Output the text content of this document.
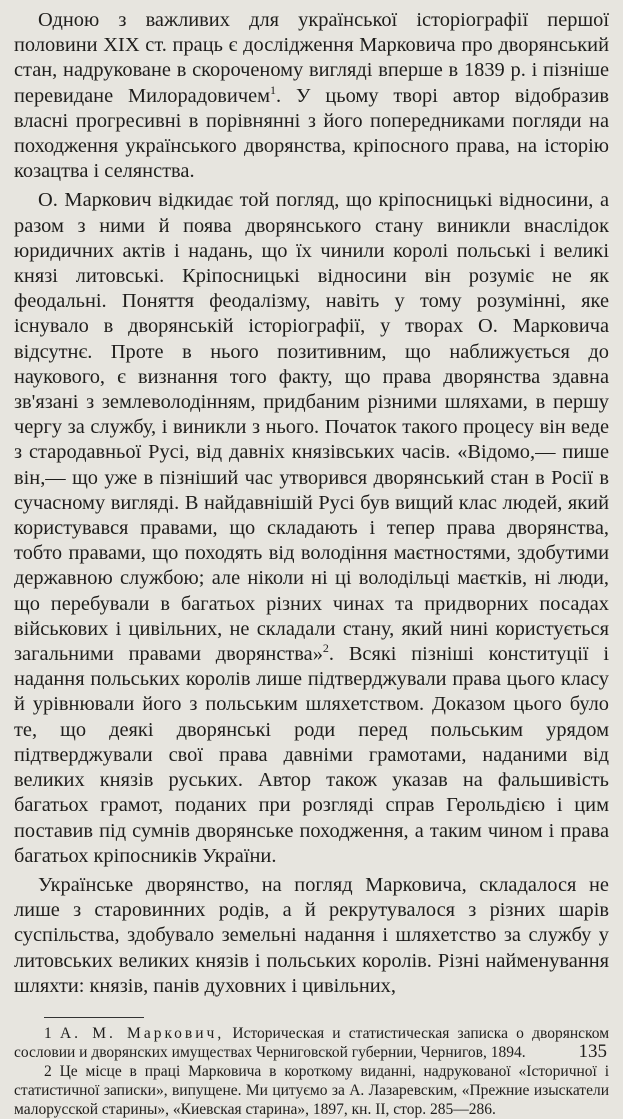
Одною з важливих для української історіографії першої половини XIX ст. праць є дослідження Марковича про дворянський стан, надруковане в скороченому вигляді вперше в 1839 р. і пізніше перевидане Милорадовичем$^1$. У цьому творі автор відобразив власні прогресивні в порівнянні з його попередниками погляди на походження українського дворянства, кріпосного права, на історію козацтва і селянства.

О. Маркович відкидає той погляд, що кріпосницькі відносини, а разом з ними й поява дворянського стану виникли внаслідок юридичних актів і надань, що їх чинили королі польські і великі князі литовські. Кріпосницькі відносини він розуміє не як феодальні. Поняття феодалізму, навіть у тому розумінні, яке існувало в дворянській історіографії, у творах О. Марковича відсутнє. Проте в нього позитивним, що наближується до наукового, є визнання того факту, що права дворянства здавна зв'язані з землеволодінням, придбаним різними шляхами, в першу чергу за службу, і виникли з нього. Початок такого процесу він веде з стародавньої Русі, від давніх князівських часів. «Відомо,— пише він,— що уже в пізніший час утворився дворянський стан в Росії в сучасному вигляді. В найдавнішій Русі був вищий клас людей, який користувався правами, що складають і тепер права дворянства, тобто правами, що походять від володіння маєтностями, здобутими державною службою; але ніколи ні ці володільці маєтків, ні люди, що перебували в багатьох різних чинах та придворних посадах військових і цивільних, не складали стану, який нині користується загальними правами дворянства»$^2$. Всякі пізніші конституції і надання польських королів лише підтверджували права цього класу й урівнювали його з польським шляхетством. Доказом цього було те, що деякі дворянські роди перед польським урядом підтверджували свої права давніми грамотами, наданими від великих князів руських. Автор також указав на фальшивість багатьох грамот, поданих при розгляді справ Герольдією і цим поставив під сумнів дворянське походження, а таким чином і права багатьох кріпосників України.

Українське дворянство, на погляд Марковича, складалося не лише з старовинних родів, а й рекрутувалося з різних шарів суспільства, здобувало земельні надання і шляхетство за службу у литовських великих князів і польських королів. Різні найменування шляхти: князів, панів духовних і цивільних,

1 А. М. Маркович, Историческая и статистическая записка о дворянском сословии и дворянских имуществах Черниговской губернии, Чернигов, 1894.

2 Це місце в праці Марковича в короткому виданні, надрукованої «Історичної і статистичної записки», випущене. Ми цитуємо за А. Лазаревским, «Прежние изыскатели малорусской старины», «Киевская старина», 1897, кн. II, стор. 285—286.

135
